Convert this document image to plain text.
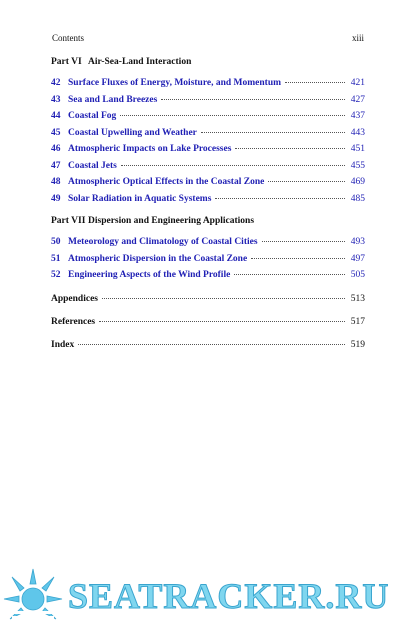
Contents	xiii
Part VI Air-Sea-Land Interaction
42 Surface Fluxes of Energy, Moisture, and Momentum	421
43 Sea and Land Breezes	427
44 Coastal Fog	437
45 Coastal Upwelling and Weather	443
46 Atmospheric Impacts on Lake Processes	451
47 Coastal Jets	455
48 Atmospheric Optical Effects in the Coastal Zone	469
49 Solar Radiation in Aquatic Systems	485
Part VII Dispersion and Engineering Applications
50 Meteorology and Climatology of Coastal Cities	493
51 Atmospheric Dispersion in the Coastal Zone	497
52 Engineering Aspects of the Wind Profile	505
Appendices	513
References	517
Index	519
SEATRACKER.RU
